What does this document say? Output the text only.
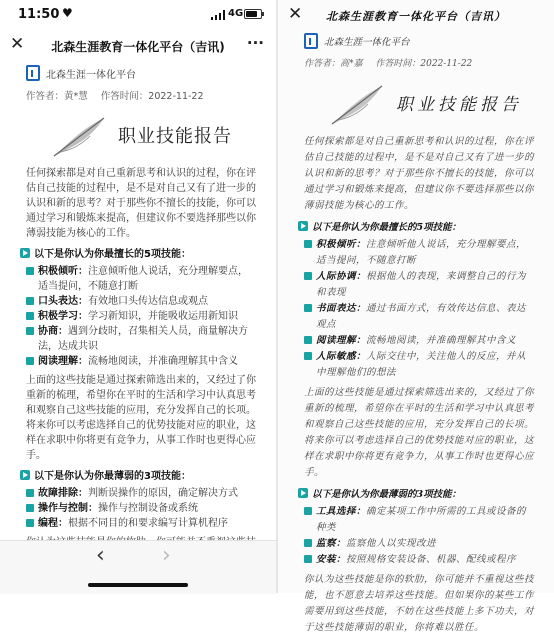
11:50 ♥	4G
✕	北森生涯教育一体化平台（吉讯)	···
北森生涯一体化平台
作答者：黄*慧 作答时间：2022-11-22
职业技能报告

任何探索都是对自己重新思考和认识的过程，你在评估自己技能的过程中，是不是对自己又有了进一步的认识和新的思考？对于那些你不擅长的技能，你可以通过学习和锻炼来提高，但建议你不要选择那些以你薄弱技能为核心的工作。

以下是你认为你最擅长的5项技能：

积极倾听：注意倾听他人说话，充分理解要点，适当提问，不随意打断

口头表达：有效地口头传达信息或观点

积极学习：学习新知识，并能吸收运用新知识

协商：遇到分歧时，召集相关人员，商量解决方法，达成共识

阅读理解：流畅地阅读，并准确理解其中含义

上面的这些技能是通过探索筛选出来的，又经过了你重新的梳理，希望你在平时的生活和学习中认真思考和观察自己这些技能的应用，充分发挥自己的长项。将来你可以考虑选择自己的优势技能对应的职业，这样在求职中你将更有竞争力，从事工作时也更得心应手。

以下是你认为你最薄弱的3项技能：

故障排除：判断误操作的原因，确定解决方式

操作与控制：操作与控制设备或系统

编程：根据不同目的和要求编写计算机程序

‹	›
✕	北森生涯教育一体化平台（吉讯）
北森生涯一体化平台
作答者：高*嘉 作答时间：2022-11-22
职业技能报告

任何探索都是对自己重新思考和认识的过程，你在评估自己技能的过程中，是不是对自己又有了进一步的认识和新的思考？对于那些你不擅长的技能，你可以通过学习和锻炼来提高，但建议你不要选择那些以你薄弱技能为核心的工作。

以下是你认为你最擅长的5项技能：

积极倾听：注意倾听他人说话，充分理解要点，适当提问，不随意打断

人际协调：根据他人的表现，来调整自己的行为和表现

书面表达：通过书面方式，有效传达信息、表达观点

阅读理解：流畅地阅读，并准确理解其中含义

人际敏感：人际交往中，关注他人的反应，并从中理解他们的想法

上面的这些技能是通过探索筛选出来的，又经过了你重新的梳理，希望你在平时的生活和学习中认真思考和观察自己这些技能的应用，充分发挥自己的长项。将来你可以考虑选择自己的优势技能对应的职业，这样在求职中你将更有竞争力，从事工作时也更得心应手。

以下是你认为你最薄弱的3项技能：

工具选择：确定某项工作中所需的工具或设备的种类

监察：监察他人以实现改进

安装：按照规格安装设备、机器、配线或程序

你认为这些技能是你的软肋，你可能并不重视这些技能，也不愿意去培养这些技能。但如果你的某些工作需要用到这些技能，不妨在这些技能上多下功夫，对于这些技能薄弱的职业，你将难以胜任。
